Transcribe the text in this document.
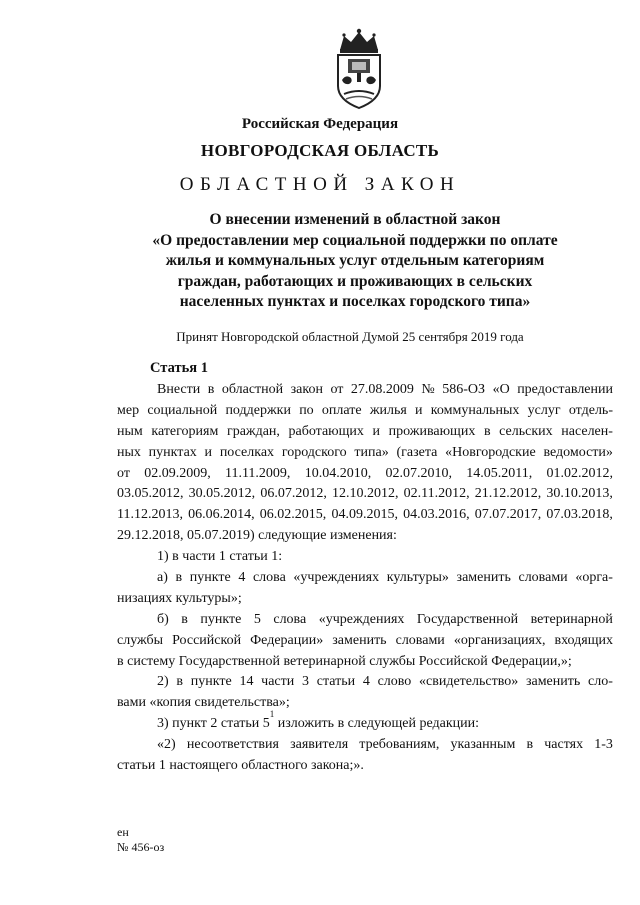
Российская Федерация
НОВГОРОДСКАЯ ОБЛАСТЬ
ОБЛАСТНОЙ ЗАКОН
О внесении изменений в областной закон
«О предоставлении мер социальной поддержки по оплате
жилья и коммунальных услуг отдельным категориям
граждан, работающих и проживающих в сельских
населенных пунктах и поселках городского типа»
Принят Новгородской областной Думой 25 сентября 2019 года
Статья 1
Внести в областной закон от 27.08.2009 № 586-ОЗ «О предоставлении
мер социальной поддержки по оплате жилья и коммунальных услуг отдель-
ным категориям граждан, работающих и проживающих в сельских населен-
ных пунктах и поселках городского типа» (газета «Новгородские ведомости»
от 02.09.2009, 11.11.2009, 10.04.2010, 02.07.2010, 14.05.2011, 01.02.2012,
03.05.2012, 30.05.2012, 06.07.2012, 12.10.2012, 02.11.2012, 21.12.2012, 30.10.2013,
11.12.2013, 06.06.2014, 06.02.2015, 04.09.2015, 04.03.2016, 07.07.2017, 07.03.2018,
29.12.2018, 05.07.2019) следующие изменения:
1) в части 1 статьи 1:
а) в пункте 4 слова «учреждениях культуры» заменить словами «орга-
низациях культуры»;
б) в пункте 5 слова «учреждениях Государственной ветеринарной
службы Российской Федерации» заменить словами «организациях, входящих
в систему Государственной ветеринарной службы Российской Федерации,»;
2) в пункте 14 части 3 статьи 4 слово «свидетельство» заменить сло-
вами «копия свидетельства»;
3) пункт 2 статьи 5
1

изложить в следующей редакции:
«2) несоответствия заявителя требованиям, указанным в частях 1-3
статьи 1 настоящего областного закона;».
ен
№ 456-оз
